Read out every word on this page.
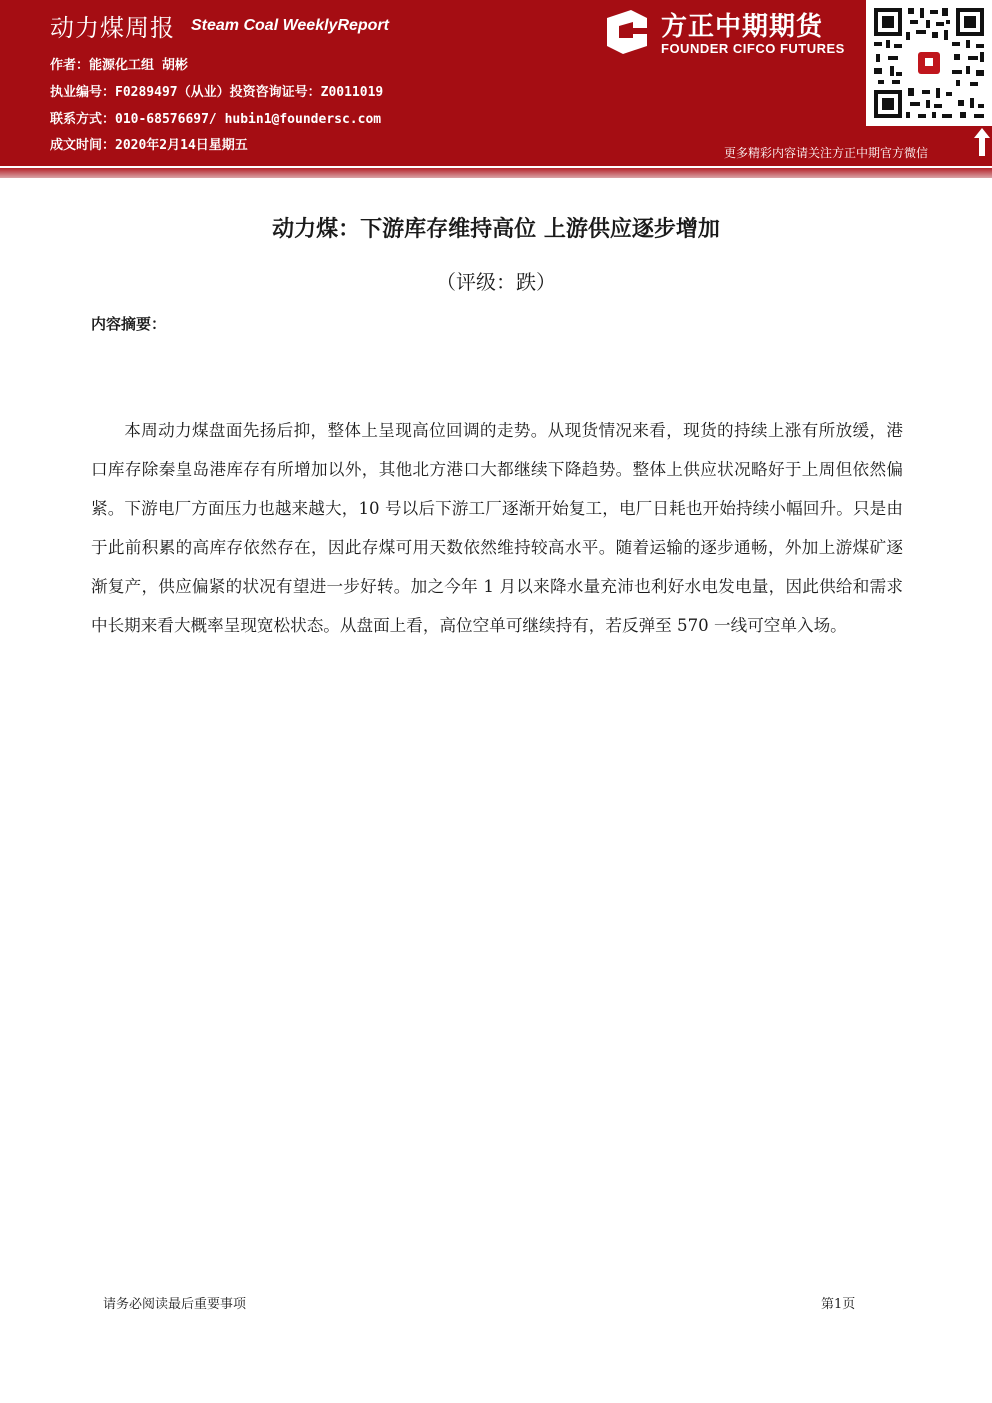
动力煤周报 Steam Coal WeeklyReport
作者：能源化工组 胡彬
执业编号：F0289497（从业）投资咨询证号：Z0011019
联系方式：010-68576697/ hubin1@foundersc.com
成文时间：2020年2月14日星期五
方正中期期货
FOUNDER CIFCO FUTURES
更多精彩内容请关注方正中期官方微信
动力煤：下游库存维持高位 上游供应逐步增加
（评级：跌）
内容摘要：

本周动力煤盘面先扬后抑，整体上呈现高位回调的走势。从现货情况来看，现货的持续上涨有所放缓，港口库存除秦皇岛港库存有所增加以外，其他北方港口大都继续下降趋势。整体上供应状况略好于上周但依然偏紧。下游电厂方面压力也越来越大，10 号以后下游工厂逐渐开始复工，电厂日耗也开始持续小幅回升。只是由于此前积累的高库存依然存在，因此存煤可用天数依然维持较高水平。随着运输的逐步通畅，外加上游煤矿逐渐复产，供应偏紧的状况有望进一步好转。加之今年 1 月以来降水量充沛也利好水电发电量，因此供给和需求中长期来看大概率呈现宽松状态。从盘面上看，高位空单可继续持有，若反弹至 570 一线可空单入场。

请务必阅读最后重要事项	第1页
